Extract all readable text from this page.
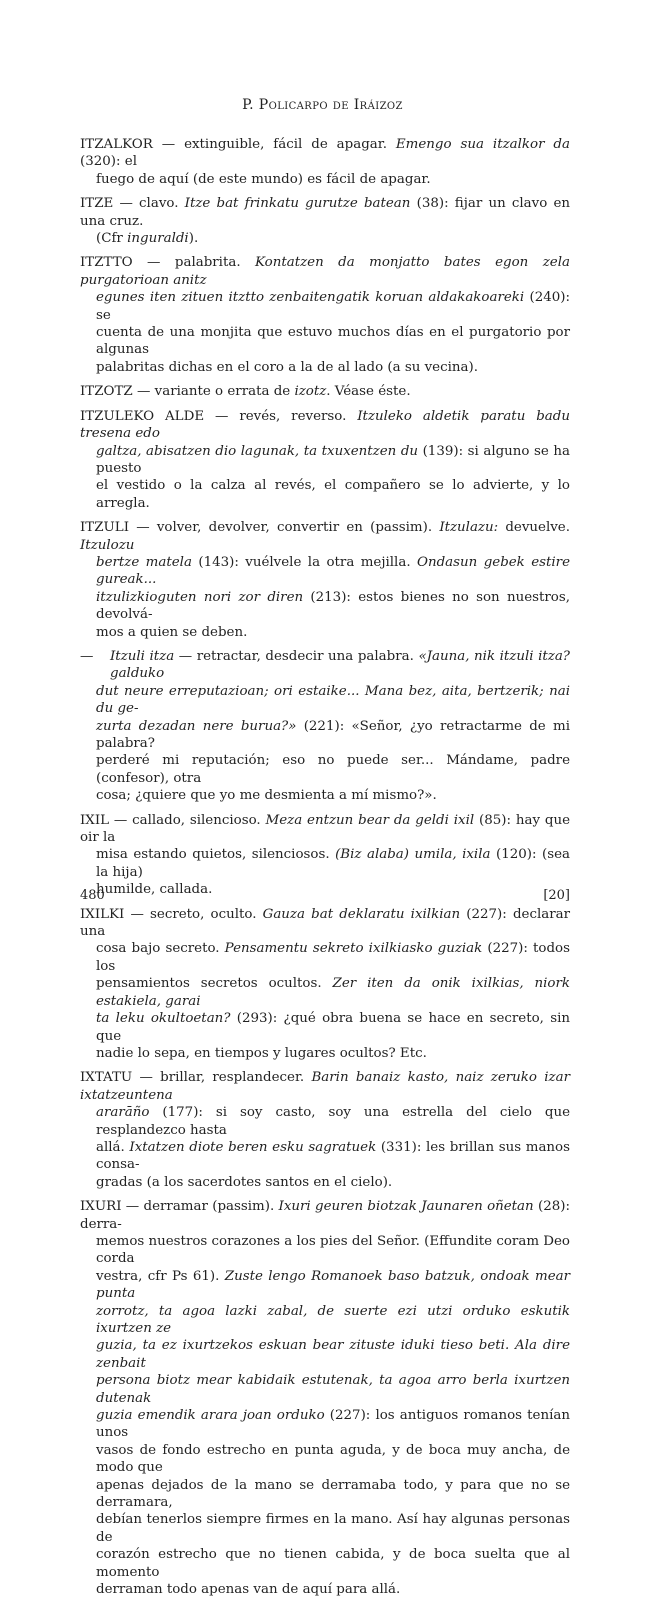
P. Policarpo de Iráizoz
ITZALKOR — extinguible, fácil de apagar. Emengo sua itzalkor da (320): el
fuego de aquí (de este mundo) es fácil de apagar.
ITZE — clavo. Itze bat frinkatu gurutze batean (38): fijar un clavo en una cruz.
(Cfr inguraldi).
ITZTTO — palabrita. Kontatzen da monjatto bates egon zela purgatorioan anitz
egunes iten zituen itztto zenbaitengatik koruan aldakakoareki (240): se
cuenta de una monjita que estuvo muchos días en el purgatorio por algunas
palabritas dichas en el coro a la de al lado (a su vecina).
ITZOTZ — variante o errata de izotz. Véase éste.
ITZULEKO ALDE — revés, reverso. Itzuleko aldetik paratu badu tresena edo
galtza, abisatzen dio lagunak, ta txuxentzen du (139): si alguno se ha puesto
el vestido o la calza al revés, el compañero se lo advierte, y lo arregla.
ITZULI — volver, devolver, convertir en (passim). Itzulazu: devuelve. Itzulozu
bertze matela (143): vuélvele la otra mejilla. Ondasun gebek estire gureak...
itzulizkioguten nori zor diren (213): estos bienes no son nuestros, devolvá-
mos a quien se deben.
—	Itzuli itza — retractar, desdecir una palabra. «Jauna, nik itzuli itza? galduko
dut neure erreputazioan; ori estaike... Mana bez, aita, bertzerik; nai du ge-
zurta dezadan nere burua?» (221): «Señor, ¿yo retractarme de mi palabra?
perderé mi reputación; eso no puede ser... Mándame, padre (confesor), otra
cosa; ¿quiere que yo me desmienta a mí mismo?».
IXIL — callado, silencioso. Meza entzun bear da geldi ixil (85): hay que oir la
misa estando quietos, silenciosos. (Biz alaba) umila, ixila (120): (sea la hija)
humilde, callada.
IXILKI — secreto, oculto. Gauza bat deklaratu ixilkian (227): declarar una
cosa bajo secreto. Pensamentu sekreto ixilkiasko guziak (227): todos los
pensamientos secretos ocultos. Zer iten da onik ixilkias, niork estakiela, garai
ta leku okultoetan? (293): ¿qué obra buena se hace en secreto, sin que
nadie lo sepa, en tiempos y lugares ocultos? Etc.
IXTATU — brillar, resplandecer. Barin banaiz kasto, naiz zeruko izar ixtatzeuntena
ararāño (177): si soy casto, soy una estrella del cielo que resplandezco hasta
allá. Ixtatzen diote beren esku sagratuek (331): les brillan sus manos consa-
gradas (a los sacerdotes santos en el cielo).
IXURI — derramar (passim). Ixuri geuren biotzak Jaunaren oñetan (28): derra-
memos nuestros corazones a los pies del Señor. (Effundite coram Deo corda
vestra, cfr Ps 61). Zuste lengo Romanoek baso batzuk, ondoak mear punta
zorrotz, ta agoa lazki zabal, de suerte ezi utzi orduko eskutik ixurtzen ze
guzia, ta ez ixurtzekos eskuan bear zituste iduki tieso beti. Ala dire zenbait
persona biotz mear kabidaik estutenak, ta agoa arro berla ixurtzen dutenak
guzia emendik arara joan orduko (227): los antiguos romanos tenían unos
vasos de fondo estrecho en punta aguda, y de boca muy ancha, de modo que
apenas dejados de la mano se derramaba todo, y para que no se derramara,
debían tenerlos siempre firmes en la mano. Así hay algunas personas de
corazón estrecho que no tienen cabida, y de boca suelta que al momento
derraman todo apenas van de aquí para allá.
480	[20]
